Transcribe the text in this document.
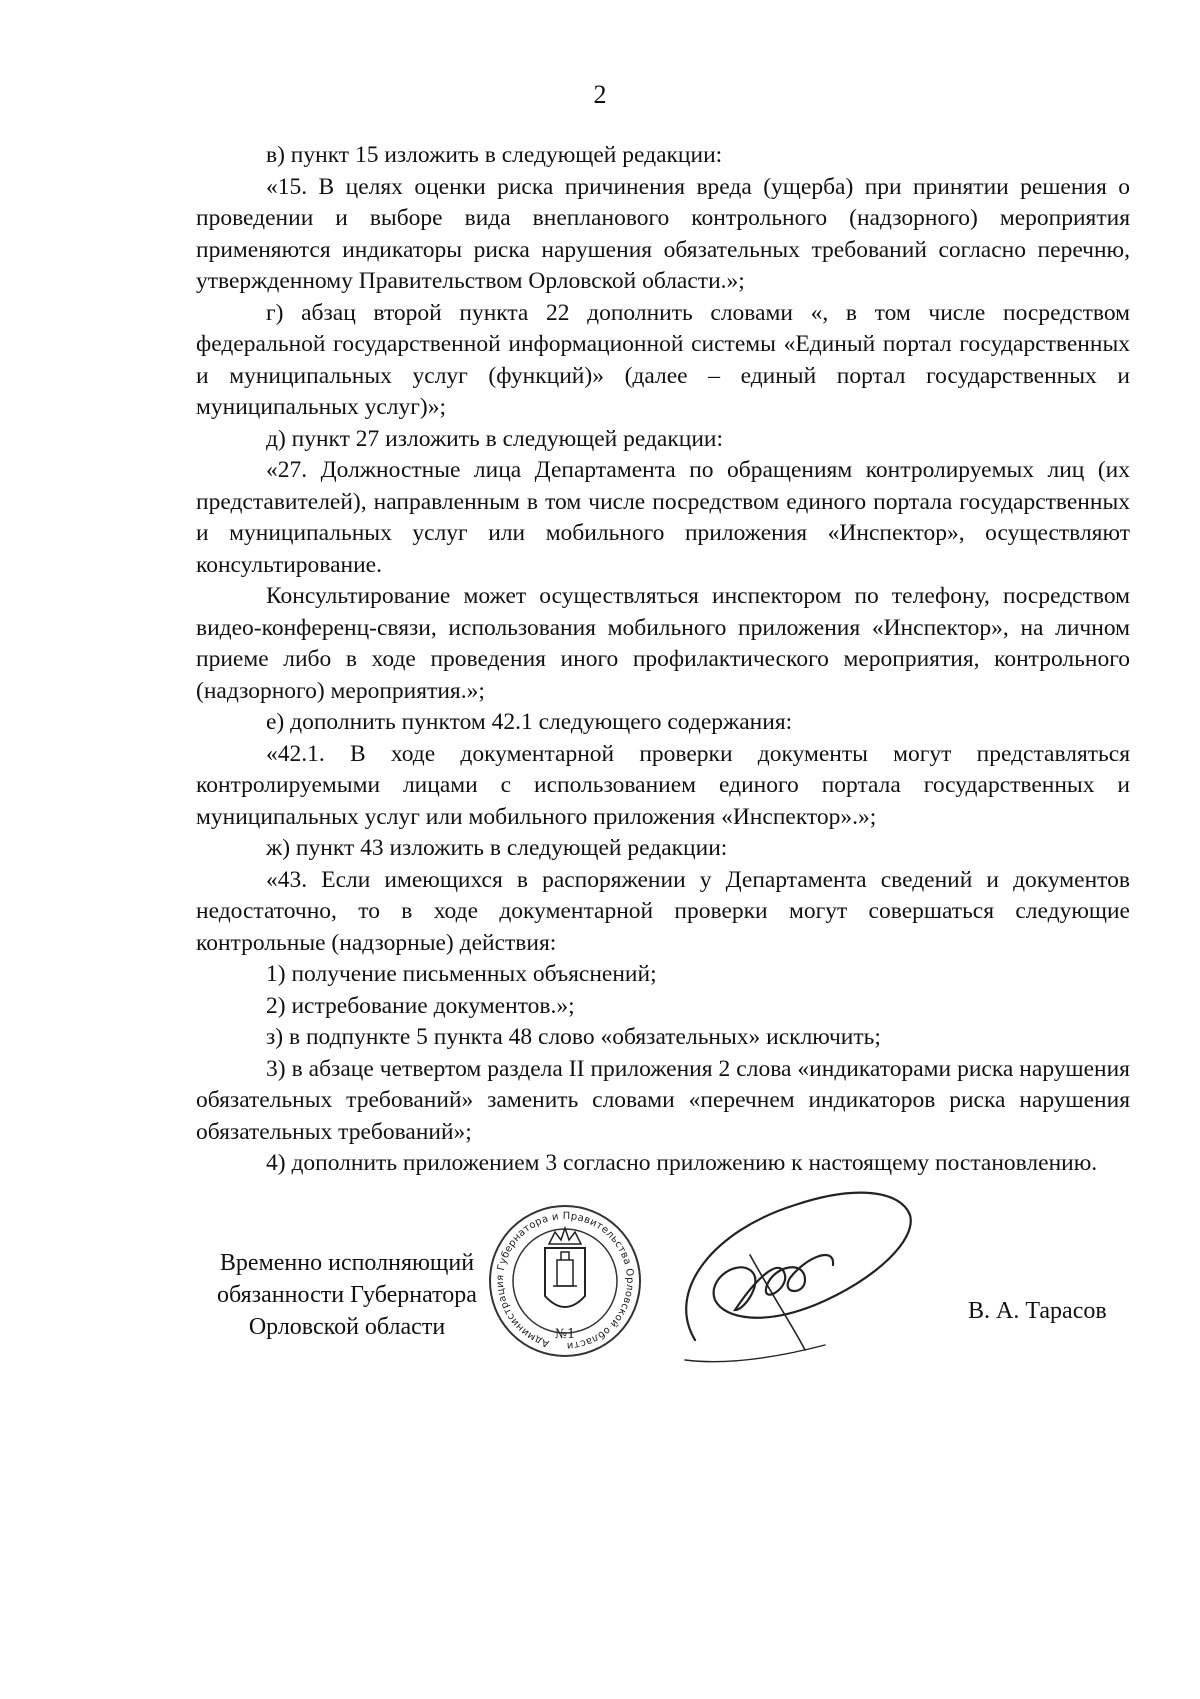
2

в) пункт 15 изложить в следующей редакции:

«15. В целях оценки риска причинения вреда (ущерба) при принятии решения о проведении и выборе вида внепланового контрольного (надзорного) мероприятия применяются индикаторы риска нарушения обязательных требований согласно перечню, утвержденному Правительством Орловской области.»;

г) абзац второй пункта 22 дополнить словами «, в том числе посредством федеральной государственной информационной системы «Единый портал государственных и муниципальных услуг (функций)» (далее – единый портал государственных и муниципальных услуг)»;

д) пункт 27 изложить в следующей редакции:

«27. Должностные лица Департамента по обращениям контролируемых лиц (их представителей), направленным в том числе посредством единого портала государственных и муниципальных услуг или мобильного приложения «Инспектор», осуществляют консультирование.

Консультирование может осуществляться инспектором по телефону, посредством видео-конференц-связи, использования мобильного приложения «Инспектор», на личном приеме либо в ходе проведения иного профилактического мероприятия, контрольного (надзорного) мероприятия.»;

е) дополнить пунктом 42.1 следующего содержания:

«42.1. В ходе документарной проверки документы могут представляться контролируемыми лицами с использованием единого портала государственных и муниципальных услуг или мобильного приложения «Инспектор».»;

ж) пункт 43 изложить в следующей редакции:

«43. Если имеющихся в распоряжении у Департамента сведений и документов недостаточно, то в ходе документарной проверки могут совершаться следующие контрольные (надзорные) действия:

1) получение письменных объяснений;

2) истребование документов.»;

з) в подпункте 5 пункта 48 слово «обязательных» исключить;

3) в абзаце четвертом раздела II приложения 2 слова «индикаторами риска нарушения обязательных требований» заменить словами «перечнем индикаторов риска нарушения обязательных требований»;

4) дополнить приложением 3 согласно приложению к настоящему постановлению.

Временно исполняющий
обязанности Губернатора
Орловской области
Администрация Губернатора и Правительства Орловской области
№1
В. А. Тарасов
